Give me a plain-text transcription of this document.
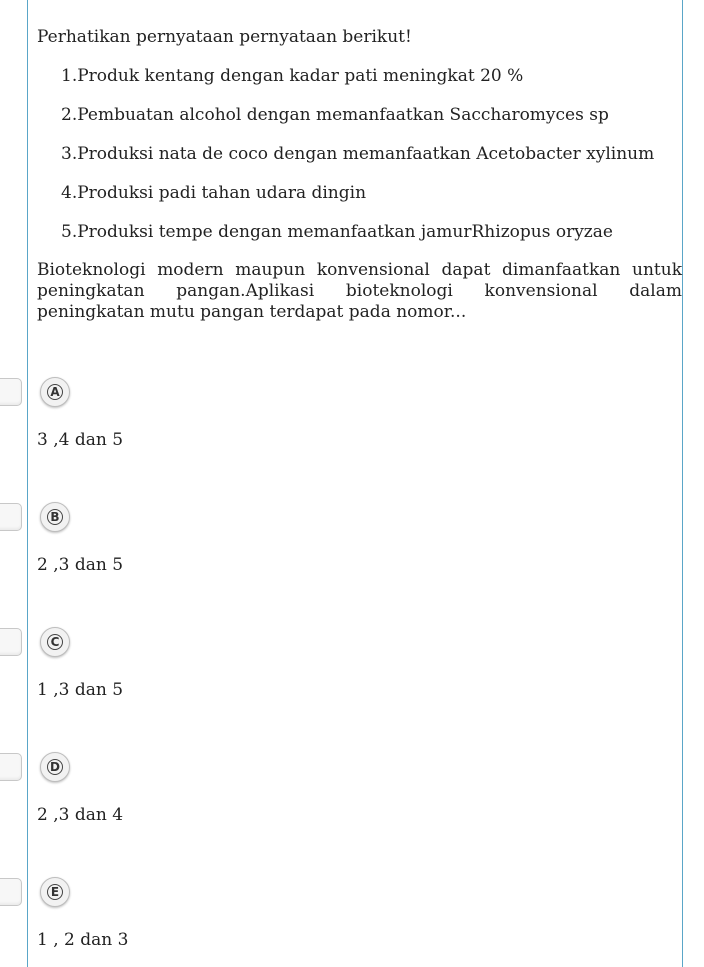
Perhatikan pernyataan pernyataan berikut!

1.Produk kentang dengan kadar pati meningkat 20 %
2.Pembuatan alcohol dengan memanfaatkan Saccharomyces sp
3.Produksi nata de coco dengan memanfaatkan Acetobacter xylinum
4.Produksi padi tahan udara dingin
5.Produksi tempe dengan memanfaatkan jamurRhizopus oryzae

Bioteknologi modern maupun konvensional dapat dimanfaatkan untuk peningkatan pangan.Aplikasi bioteknologi konvensional dalam peningkatan mutu pangan terdapat pada nomor...

A
3 ,4 dan 5
B
2 ,3 dan 5
C
1 ,3 dan 5
D
2 ,3 dan 4
E
1 , 2 dan 3
